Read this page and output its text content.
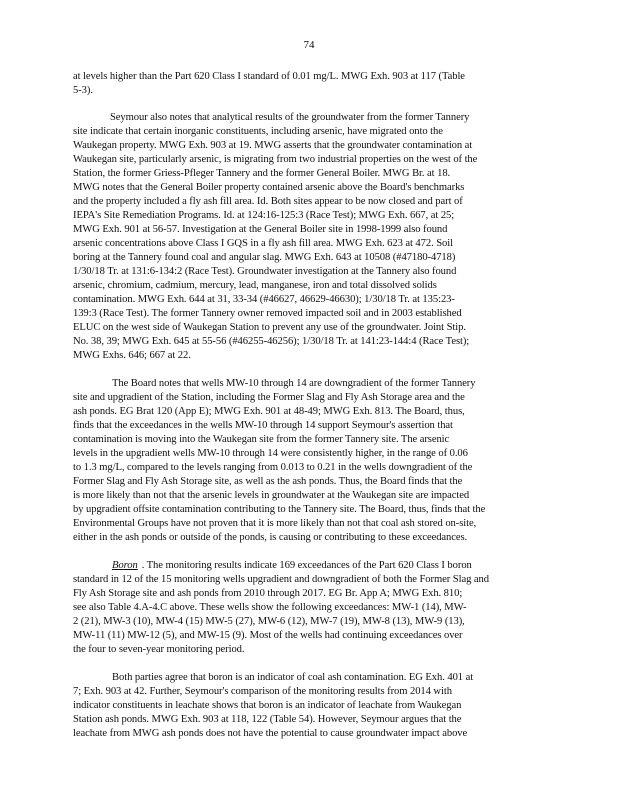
74
at levels higher than the Part 620 Class I standard of 0.01 mg/L. MWG Exh. 903 at 117 (Table
5-3).
Seymour also notes that analytical results of the groundwater from the former Tannery
site indicate that certain inorganic constituents, including arsenic, have migrated onto the
Waukegan property. MWG Exh. 903 at 19. MWG asserts that the groundwater contamination at
Waukegan site, particularly arsenic, is migrating from two industrial properties on the west of the
Station, the former Griess-Pfleger Tannery and the former General Boiler. MWG Br. at 18.
MWG notes that the General Boiler property contained arsenic above the Board's benchmarks
and the property included a fly ash fill area. Id. Both sites appear to be now closed and part of
IEPA's Site Remediation Programs. Id. at 124:16-125:3 (Race Test); MWG Exh. 667, at 25;
MWG Exh. 901 at 56-57. Investigation at the General Boiler site in 1998-1999 also found
arsenic concentrations above Class I GQS in a fly ash fill area. MWG Exh. 623 at 472. Soil
boring at the Tannery found coal and angular slag. MWG Exh. 643 at 10508 (#47180-4718)
1/30/18 Tr. at 131:6-134:2 (Race Test). Groundwater investigation at the Tannery also found
arsenic, chromium, cadmium, mercury, lead, manganese, iron and total dissolved solids
contamination. MWG Exh. 644 at 31, 33-34 (#46627, 46629-46630); 1/30/18 Tr. at 135:23-
139:3 (Race Test). The former Tannery owner removed impacted soil and in 2003 established
ELUC on the west side of Waukegan Station to prevent any use of the groundwater. Joint Stip.
No. 38, 39; MWG Exh. 645 at 55-56 (#46255-46256); 1/30/18 Tr. at 141:23-144:4 (Race Test);
MWG Exhs. 646; 667 at 22.
The Board notes that wells MW-10 through 14 are downgradient of the former Tannery
site and upgradient of the Station, including the Former Slag and Fly Ash Storage area and the
ash ponds. EG Brat 120 (App E); MWG Exh. 901 at 48-49; MWG Exh. 813. The Board, thus,
finds that the exceedances in the wells MW-10 through 14 support Seymour's assertion that
contamination is moving into the Waukegan site from the former Tannery site. The arsenic
levels in the upgradient wells MW-10 through 14 were consistently higher, in the range of 0.06
to 1.3 mg/L, compared to the levels ranging from 0.013 to 0.21 in the wells downgradient of the
Former Slag and Fly Ash Storage site, as well as the ash ponds. Thus, the Board finds that the
is more likely than not that the arsenic levels in groundwater at the Waukegan site are impacted
by upgradient offsite contamination contributing to the Tannery site. The Board, thus, finds that the
Environmental Groups have not proven that it is more likely than not that coal ash stored on-site,
either in the ash ponds or outside of the ponds, is causing or contributing to these exceedances.
Boron . The monitoring results indicate 169 exceedances of the Part 620 Class I boron
standard in 12 of the 15 monitoring wells upgradient and downgradient of both the Former Slag and
Fly Ash Storage site and ash ponds from 2010 through 2017. EG Br. App A; MWG Exh. 810;
see also Table 4.A-4.C above. These wells show the following exceedances: MW-1 (14), MW-
2 (21), MW-3 (10), MW-4 (15) MW-5 (27), MW-6 (12), MW-7 (19), MW-8 (13), MW-9 (13),
MW-11 (11) MW-12 (5), and MW-15 (9). Most of the wells had continuing exceedances over
the four to seven-year monitoring period.
Both parties agree that boron is an indicator of coal ash contamination. EG Exh. 401 at
7; Exh. 903 at 42. Further, Seymour's comparison of the monitoring results from 2014 with
indicator constituents in leachate shows that boron is an indicator of leachate from Waukegan
Station ash ponds. MWG Exh. 903 at 118, 122 (Table 54). However, Seymour argues that the
leachate from MWG ash ponds does not have the potential to cause groundwater impact above
